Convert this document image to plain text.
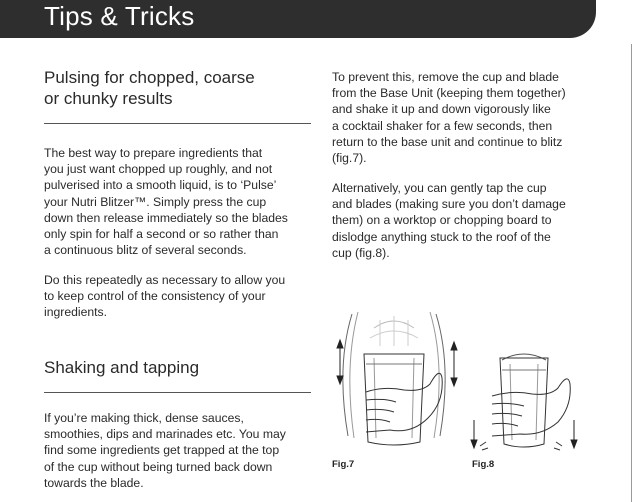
Tips & Tricks
Pulsing for chopped, coarse
or chunky results
The best way to prepare ingredients that
you just want chopped up roughly, and not
pulverised into a smooth liquid, is to ‘Pulse’
your Nutri Blitzer™. Simply press the cup
down then release immediately so the blades
only spin for half a second or so rather than
a continuous blitz of several seconds.
Do this repeatedly as necessary to allow you
to keep control of the consistency of your
ingredients.
Shaking and tapping
If you’re making thick, dense sauces,
smoothies, dips and marinades etc. You may
find some ingredients get trapped at the top
of the cup without being turned back down
towards the blade.
To prevent this, remove the cup and blade
from the Base Unit (keeping them together)
and shake it up and down vigorously like
a cocktail shaker for a few seconds, then
return to the base unit and continue to blitz
(fig.7).
Alternatively, you can gently tap the cup
and blades (making sure you don’t damage
them) on a worktop or chopping board to
dislodge anything stuck to the roof of the
cup (fig.8).
Fig.7	Fig.8
